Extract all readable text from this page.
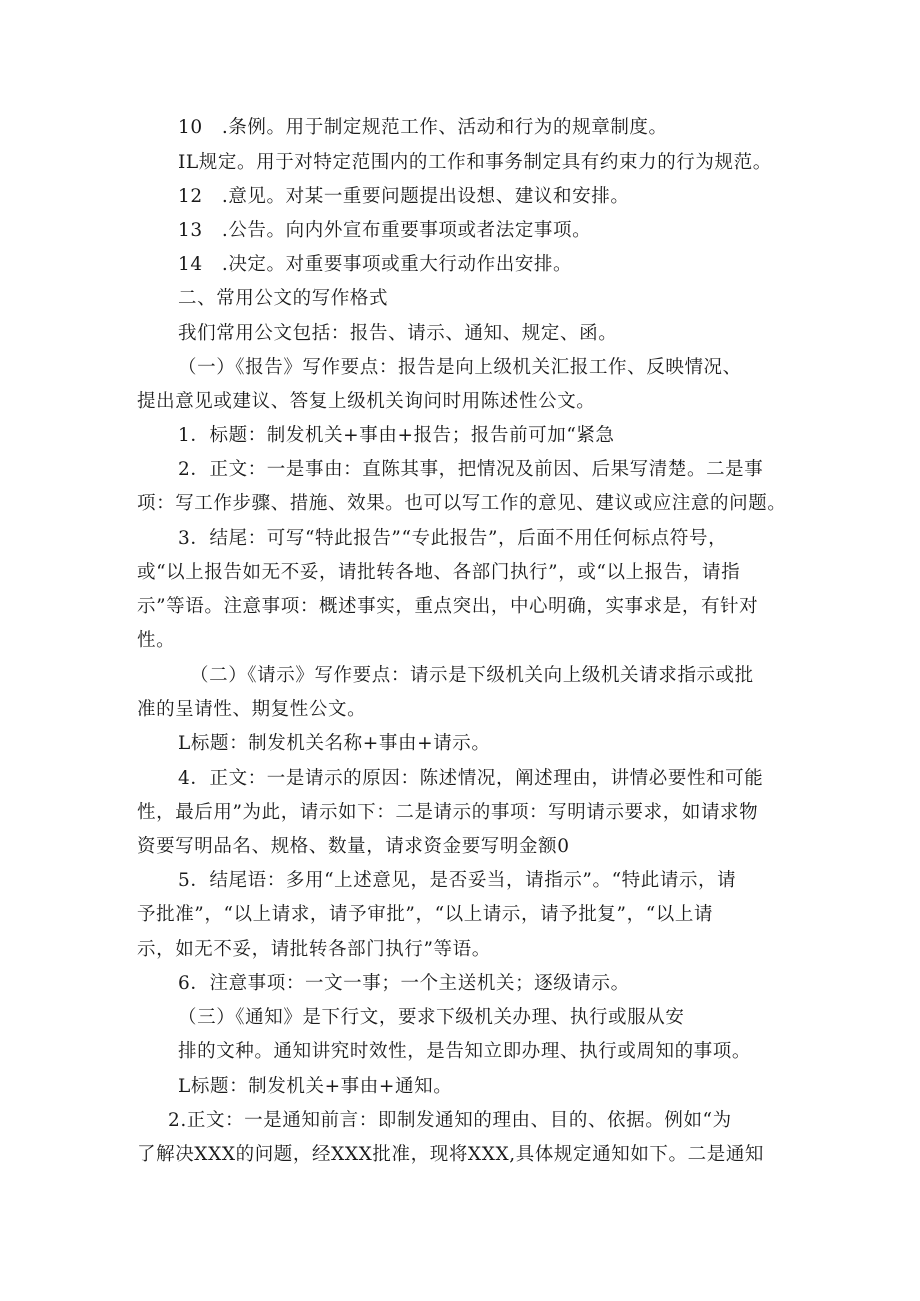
10　.条例。用于制定规范工作、活动和行为的规章制度。
IL规定。用于对特定范围内的工作和事务制定具有约束力的行为规范。
12　.意见。对某一重要问题提出设想、建议和安排。
13　.公告。向内外宣布重要事项或者法定事项。
14　.决定。对重要事项或重大行动作出安排。
二、常用公文的写作格式
我们常用公文包括：报告、请示、通知、规定、函。
（一）《报告》写作要点：报告是向上级机关汇报工作、反映情况、
提出意见或建议、答复上级机关询问时用陈述性公文。
1．标题：制发机关+事由+报告；报告前可加“紧急
2．正文：一是事由：直陈其事，把情况及前因、后果写清楚。二是事
项：写工作步骤、措施、效果。也可以写工作的意见、建议或应注意的问题。
3．结尾：可写“特此报告”“专此报告”，后面不用任何标点符号，
或“以上报告如无不妥，请批转各地、各部门执行”，或“以上报告，请指
示”等语。注意事项：概述事实，重点突出，中心明确，实事求是，有针对
性。
（二）《请示》写作要点：请示是下级机关向上级机关请求指示或批
准的呈请性、期复性公文。
L标题：制发机关名称+事由+请示。
4．正文：一是请示的原因：陈述情况，阐述理由，讲情必要性和可能
性，最后用”为此，请示如下：二是请示的事项：写明请示要求，如请求物
资要写明品名、规格、数量，请求资金要写明金额0
5．结尾语：多用“上述意见，是否妥当，请指示”。“特此请示，请
予批准”，“以上请求，请予审批”，“以上请示，请予批复”，“以上请
示，如无不妥，请批转各部门执行”等语。
6．注意事项：一文一事；一个主送机关；逐级请示。
（三）《通知》是下行文，要求下级机关办理、执行或服从安
排的文种。通知讲究时效性，是告知立即办理、执行或周知的事项。
L标题：制发机关+事由+通知。
2.正文：一是通知前言：即制发通知的理由、目的、依据。例如“为
了解决XXX的问题，经XXX批准，现将XXX,具体规定通知如下。二是通知
